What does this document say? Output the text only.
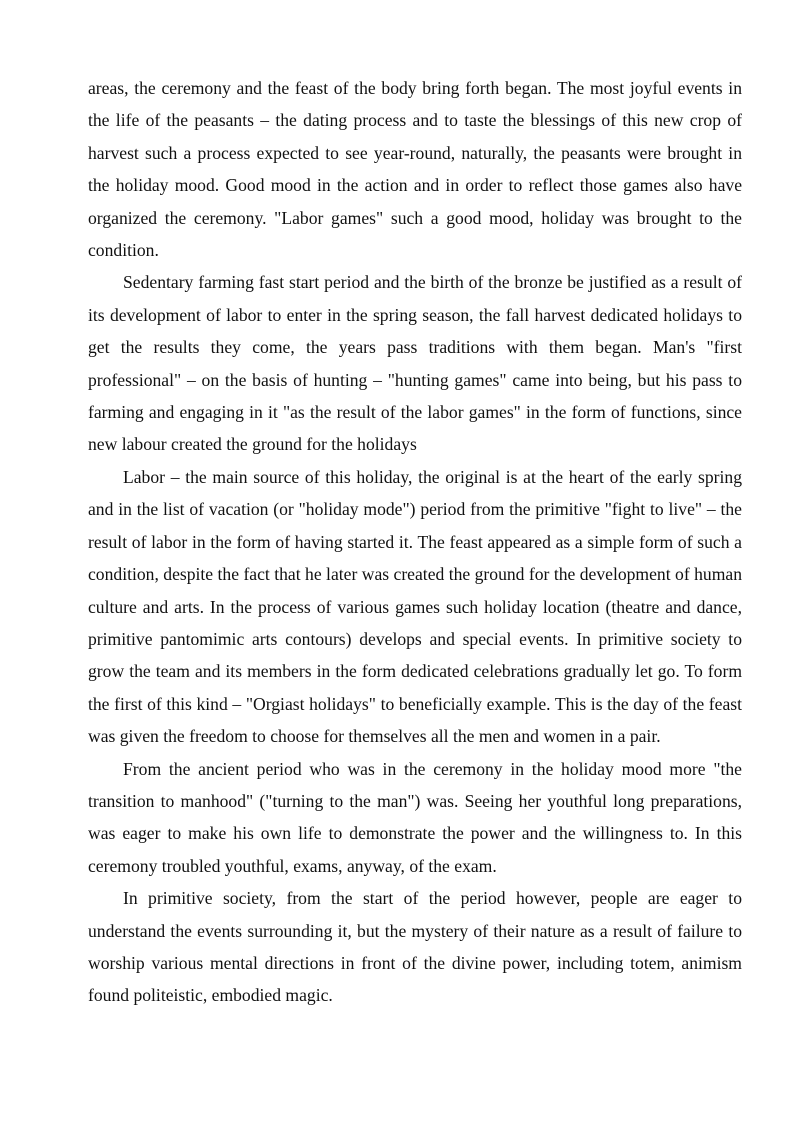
areas, the ceremony and the feast of the body bring forth began. The most joyful events in the life of the peasants – the dating process and to taste the blessings of this new crop of harvest such a process expected to see year-round, naturally, the peasants were brought in the holiday mood. Good mood in the action and in order to reflect those games also have organized the ceremony. "Labor games" such a good mood, holiday was brought to the condition.

Sedentary farming fast start period and the birth of the bronze be justified as a result of its development of labor to enter in the spring season, the fall harvest dedicated holidays to get the results they come, the years pass traditions with them began. Man's "first professional" – on the basis of hunting – "hunting games" came into being, but his pass to farming and engaging in it "as the result of the labor games" in the form of functions, since new labour created the ground for the holidays

Labor – the main source of this holiday, the original is at the heart of the early spring and in the list of vacation (or "holiday mode") period from the primitive "fight to live" – the result of labor in the form of having started it. The feast appeared as a simple form of such a condition, despite the fact that he later was created the ground for the development of human culture and arts. In the process of various games such holiday location (theatre and dance, primitive pantomimic arts contours) develops and special events. In primitive society to grow the team and its members in the form dedicated celebrations gradually let go. To form the first of this kind – "Orgiast holidays" to beneficially example. This is the day of the feast was given the freedom to choose for themselves all the men and women in a pair.

From the ancient period who was in the ceremony in the holiday mood more "the transition to manhood" ("turning to the man") was. Seeing her youthful long preparations, was eager to make his own life to demonstrate the power and the willingness to. In this ceremony troubled youthful, exams, anyway, of the exam.

In primitive society, from the start of the period however, people are eager to understand the events surrounding it, but the mystery of their nature as a result of failure to worship various mental directions in front of the divine power, including totem, animism found politeistic, embodied magic.
